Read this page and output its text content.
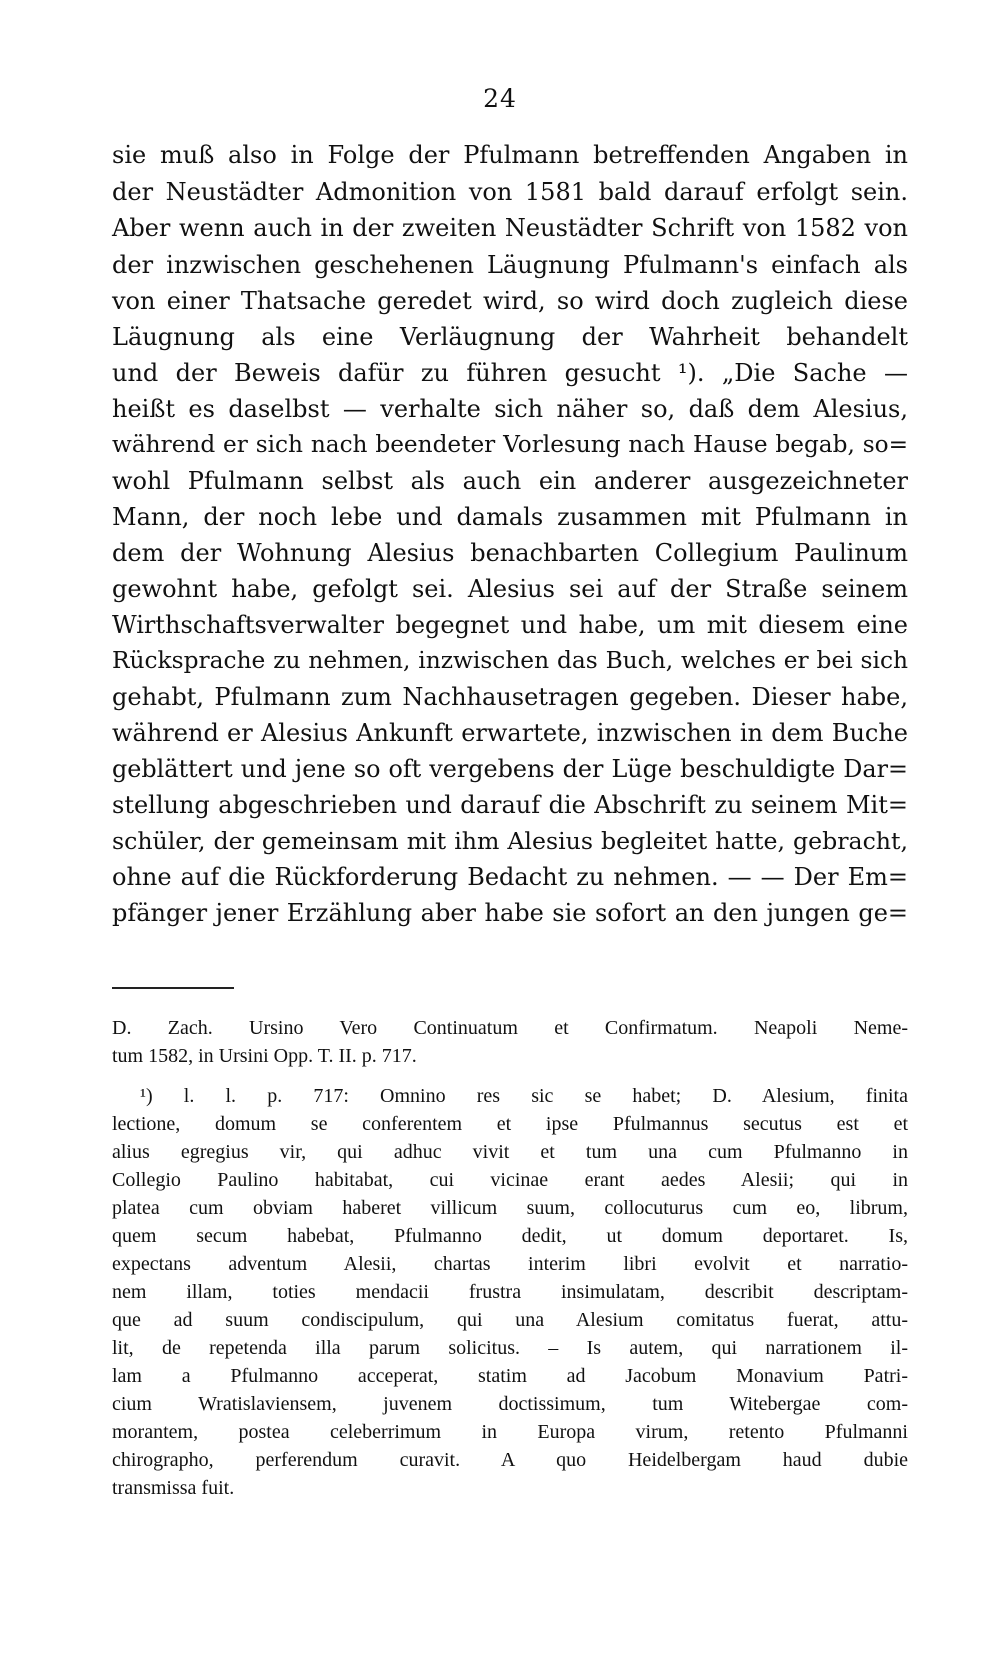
24
sie muß also in Folge der Pfulmann betreffenden Angaben in
der Neustädter Admonition von 1581 bald darauf erfolgt sein.
Aber wenn auch in der zweiten Neustädter Schrift von 1582 von
der inzwischen geschehenen Läugnung Pfulmann's einfach als
von einer Thatsache geredet wird, so wird doch zugleich diese
Läugnung als eine Verläugnung der Wahrheit behandelt
und der Beweis dafür zu führen gesucht ¹). „Die Sache —
heißt es daselbst — verhalte sich näher so, daß dem Alesius,
während er sich nach beendeter Vorlesung nach Hause begab, so=
wohl Pfulmann selbst als auch ein anderer ausgezeichneter
Mann, der noch lebe und damals zusammen mit Pfulmann in
dem der Wohnung Alesius benachbarten Collegium Paulinum
gewohnt habe, gefolgt sei. Alesius sei auf der Straße seinem
Wirthschaftsverwalter begegnet und habe, um mit diesem eine
Rücksprache zu nehmen, inzwischen das Buch, welches er bei sich
gehabt, Pfulmann zum Nachhausetragen gegeben. Dieser habe,
während er Alesius Ankunft erwartete, inzwischen in dem Buche
geblättert und jene so oft vergebens der Lüge beschuldigte Dar=
stellung abgeschrieben und darauf die Abschrift zu seinem Mit=
schüler, der gemeinsam mit ihm Alesius begleitet hatte, gebracht,
ohne auf die Rückforderung Bedacht zu nehmen. — — Der Em=
pfänger jener Erzählung aber habe sie sofort an den jungen ge=
D. Zach. Ursino Vero Continuatum et Confirmatum. Neapoli Neme-
tum 1582, in Ursini Opp. T. II. p. 717.
¹) l. l. p. 717: Omnino res sic se habet; D. Alesium, finita
lectione, domum se conferentem et ipse Pfulmannus secutus est et
alius egregius vir, qui adhuc vivit et tum una cum Pfulmanno in
Collegio Paulino habitabat, cui vicinae erant aedes Alesii; qui in
platea cum obviam haberet villicum suum, collocuturus cum eo, librum,
quem secum habebat, Pfulmanno dedit, ut domum deportaret. Is,
expectans adventum Alesii, chartas interim libri evolvit et narratio-
nem illam, toties mendacii frustra insimulatam, describit descriptam-
que ad suum condiscipulum, qui una Alesium comitatus fuerat, attu-
lit, de repetenda illa parum solicitus. – Is autem, qui narrationem il-
lam a Pfulmanno acceperat, statim ad Jacobum Monavium Patri-
cium Wratislaviensem, juvenem doctissimum, tum Witebergae com-
morantem, postea celeberrimum in Europa virum, retento Pfulmanni
chirographo, perferendum curavit. A quo Heidelbergam haud dubie
transmissa fuit.
